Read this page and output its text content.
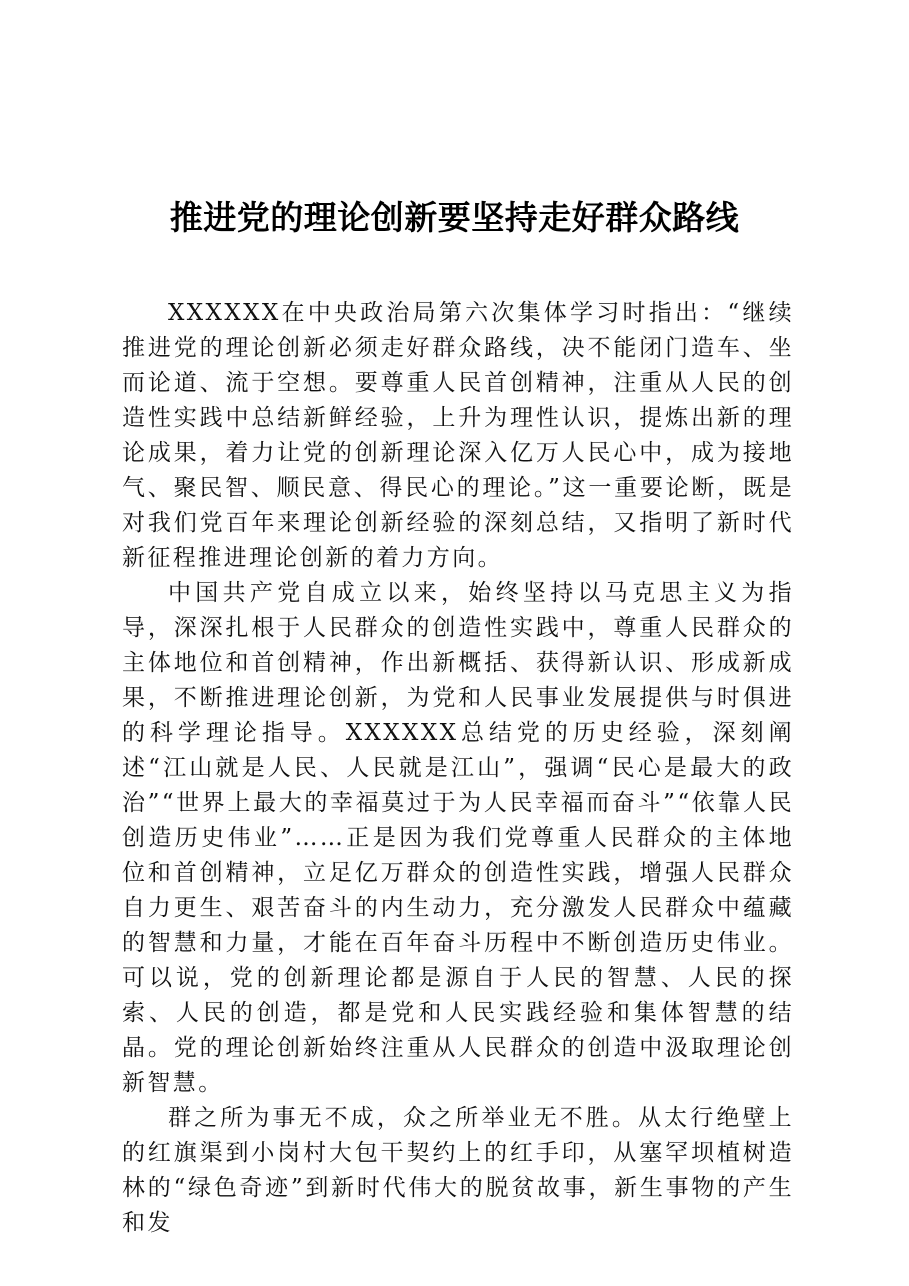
推进党的理论创新要坚持走好群众路线

XXXXXX在中央政治局第六次集体学习时指出：“继续推进党的理论创新必须走好群众路线，决不能闭门造车、坐而论道、流于空想。要尊重人民首创精神，注重从人民的创造性实践中总结新鲜经验，上升为理性认识，提炼出新的理论成果，着力让党的创新理论深入亿万人民心中，成为接地气、聚民智、顺民意、得民心的理论。”这一重要论断，既是对我们党百年来理论创新经验的深刻总结，又指明了新时代新征程推进理论创新的着力方向。

中国共产党自成立以来，始终坚持以马克思主义为指导，深深扎根于人民群众的创造性实践中，尊重人民群众的主体地位和首创精神，作出新概括、获得新认识、形成新成果，不断推进理论创新，为党和人民事业发展提供与时俱进的科学理论指导。XXXXXX总结党的历史经验，深刻阐述“江山就是人民、人民就是江山”，强调“民心是最大的政治”“世界上最大的幸福莫过于为人民幸福而奋斗”“依靠人民创造历史伟业”……正是因为我们党尊重人民群众的主体地位和首创精神，立足亿万群众的创造性实践，增强人民群众自力更生、艰苦奋斗的内生动力，充分激发人民群众中蕴藏的智慧和力量，才能在百年奋斗历程中不断创造历史伟业。可以说，党的创新理论都是源自于人民的智慧、人民的探索、人民的创造，都是党和人民实践经验和集体智慧的结晶。党的理论创新始终注重从人民群众的创造中汲取理论创新智慧。

群之所为事无不成，众之所举业无不胜。从太行绝壁上的红旗渠到小岗村大包干契约上的红手印，从塞罕坝植树造林的“绿色奇迹”到新时代伟大的脱贫故事，新生事物的产生和发
